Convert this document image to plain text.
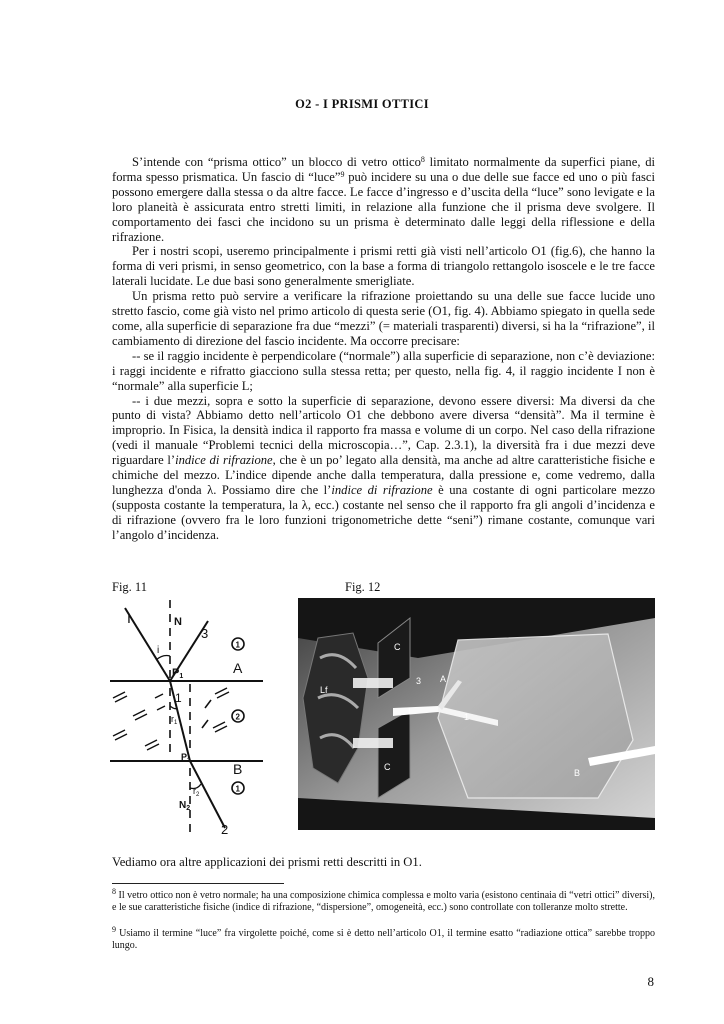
O2 - I PRISMI OTTICI

S’intende con “prisma ottico” un blocco di vetro ottico$^8$ limitato normalmente da superfici piane, di forma spesso prismatica. Un fascio di “luce”$^9$ può incidere su una o due delle sue facce ed uno o più fasci possono emergere dalla stessa o da altre facce. Le facce d’ingresso e d’uscita della “luce” sono levigate e la loro planeità è assicurata entro stretti limiti, in relazione alla funzione che il prisma deve svolgere. Il comportamento dei fasci che incidono su un prisma è determinato dalle leggi della riflessione e della rifrazione.

Per i nostri scopi, useremo principalmente i prismi retti già visti nell’articolo O1 (fig.6), che hanno la forma di veri prismi, in senso geometrico, con la base a forma di triangolo rettangolo isoscele e le tre facce laterali lucidate. Le due basi sono generalmente smerigliate.

Un prisma retto può servire a verificare la rifrazione proiettando su una delle sue facce lucide uno stretto fascio, come già visto nel primo articolo di questa serie (O1, fig. 4). Abbiamo spiegato in quella sede come, alla superficie di separazione fra due “mezzi” (= materiali trasparenti) diversi, si ha la “rifrazione”, il cambiamento di direzione del fascio incidente. Ma occorre precisare:

-- se il raggio incidente è perpendicolare (“normale”) alla superficie di separazione, non c’è deviazione: i raggi incidente e rifratto giacciono sulla stessa retta; per questo, nella fig. 4, il raggio incidente I non è “normale” alla superficie L;

-- i due mezzi, sopra e sotto la superficie di separazione, devono essere diversi: Ma diversi da che punto di vista? Abbiamo detto nell’articolo O1 che debbono avere diversa “densità”. Ma il termine è improprio. In Fisica, la densità indica il rapporto fra massa e volume di un corpo. Nel caso della rifrazione (vedi il manuale “Problemi tecnici della microscopia…”, Cap. 2.3.1), la diversità fra i due mezzi deve riguardare l’indice di rifrazione, che è un po’ legato alla densità, ma anche ad altre caratteristiche fisiche e chimiche del mezzo. L’indice dipende anche dalla temperatura, dalla pressione e, come vedremo, dalla lunghezza d'onda λ. Possiamo dire che l’indice di rifrazione è una costante di ogni particolare mezzo (supposta costante la temperatura, la λ, ecc.) costante nel senso che il rapporto fra gli angoli d’incidenza e di rifrazione (ovvero fra le loro funzioni trigonometriche dette “seni”) rimane costante, comunque vari l’angolo d’incidenza.

Fig. 11	Fig. 12
I	N
3
i
P1
A
1
$r_1$
$P_2$	B
$r_2$
$N_2$
2
1
2
1
C
Lf
3 A
I
1
C
B
2
Vediamo ora altre applicazioni dei prismi retti descritti in O1.
$^8$ Il vetro ottico non è vetro normale; ha una composizione chimica complessa e molto varia (esistono centinaia di “vetri ottici” diversi), e le sue caratteristiche fisiche (indice di rifrazione, “dispersione”, omogeneità, ecc.) sono controllate con tolleranze molto strette.
$^9$ Usiamo il termine “luce” fra virgolette poiché, come si è detto nell’articolo O1, il termine esatto “radiazione ottica” sarebbe troppo lungo.
8
